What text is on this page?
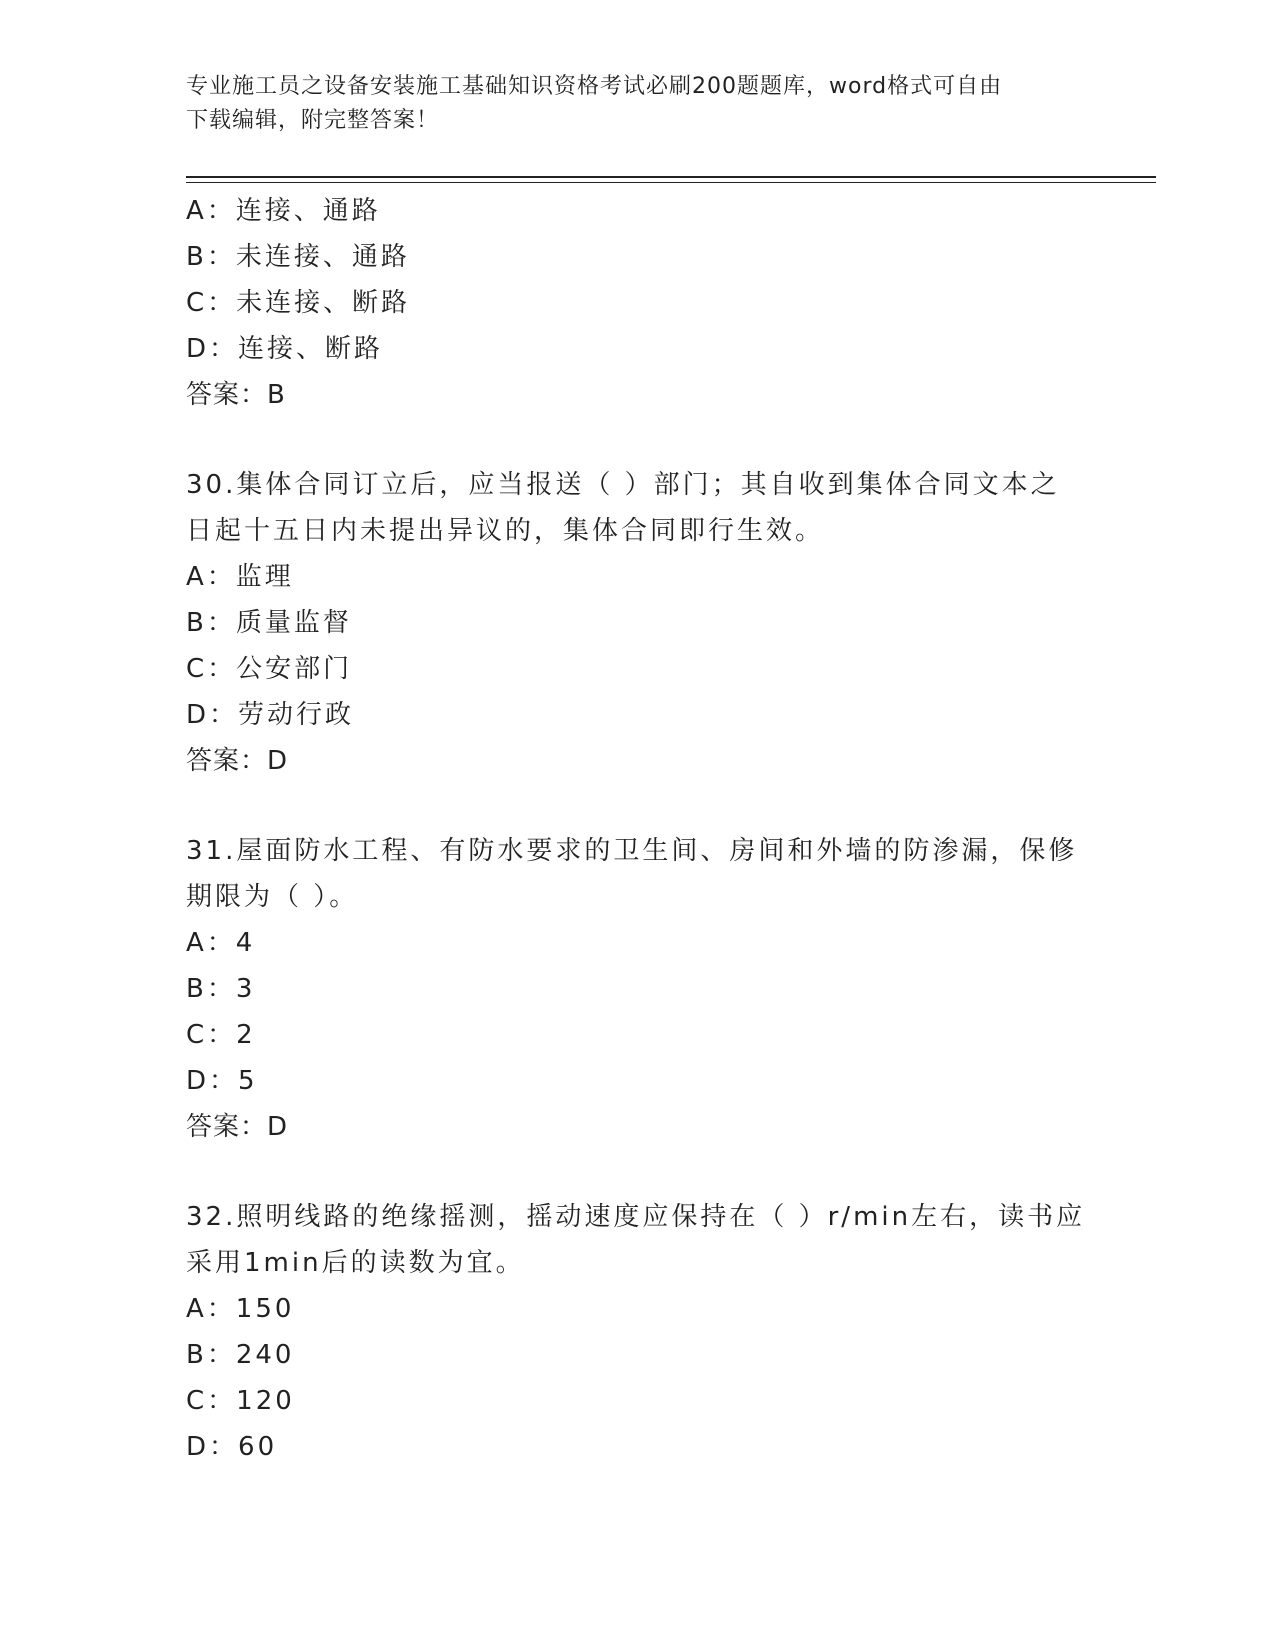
专业施工员之设备安装施工基础知识资格考试必刷200题题库，word格式可自由
下载编辑，附完整答案！
A：连接、通路
B：未连接、通路
C：未连接、断路
D：连接、断路
答案：B
30.集体合同订立后，应当报送（ ）部门；其自收到集体合同文本之
日起十五日内未提出异议的，集体合同即行生效。
A：监理
B：质量监督
C：公安部门
D：劳动行政
答案：D
31.屋面防水工程、有防水要求的卫生间、房间和外墙的防渗漏，保修
期限为（ ）。
A：4
B：3
C：2
D：5
答案：D
32.照明线路的绝缘摇测，摇动速度应保持在（ ）r/min左右，读书应
采用1min后的读数为宜。
A：150
B：240
C：120
D：60
